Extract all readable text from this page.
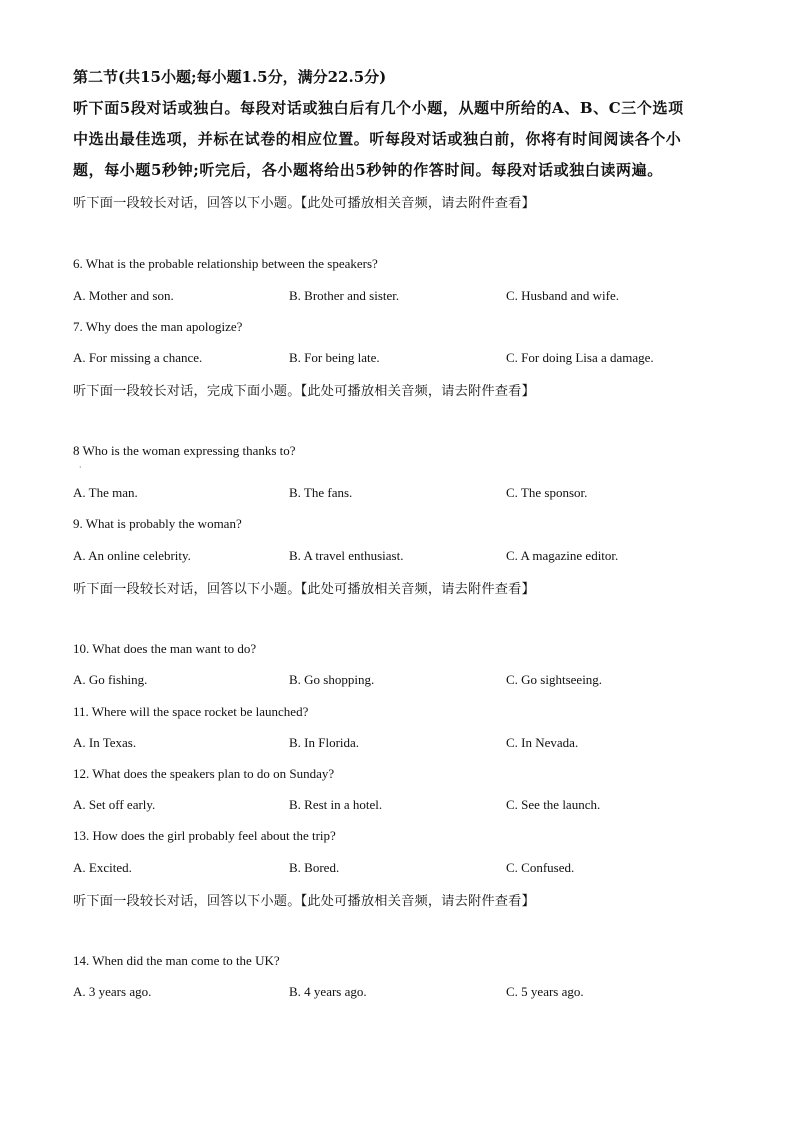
第二节(共15小题;每小题1.5分，满分22.5分)
听下面5段对话或独白。每段对话或独白后有几个小题，从题中所给的A、B、C三个选项
中选出最佳选项，并标在试卷的相应位置。听每段对话或独白前，你将有时间阅读各个小
题，每小题5秒钟;听完后，各小题将给出5秒钟的作答时间。每段对话或独白读两遍。
听下面一段较长对话，回答以下小题。【此处可播放相关音频，请去附件查看】
6. What is the probable relationship between the speakers?
A. Mother and son.	B. Brother and sister.	C. Husband and wife.
7. Why does the man apologize?
A. For missing a chance.	B. For being late.	C. For doing Lisa a damage.
听下面一段较长对话，完成下面小题。【此处可播放相关音频，请去附件查看】
8 Who is the woman expressing thanks to?
·
A. The man.	B. The fans.	C. The sponsor.
9. What is probably the woman?
A. An online celebrity.	B. A travel enthusiast.	C. A magazine editor.
听下面一段较长对话，回答以下小题。【此处可播放相关音频，请去附件查看】
10. What does the man want to do?
A. Go fishing.	B. Go shopping.	C. Go sightseeing.
11. Where will the space rocket be launched?
A. In Texas.	B. In Florida.	C. In Nevada.
12. What does the speakers plan to do on Sunday?
A. Set off early.	B. Rest in a hotel.	C. See the launch.
13. How does the girl probably feel about the trip?
A. Excited.	B. Bored.	C. Confused.
听下面一段较长对话，回答以下小题。【此处可播放相关音频，请去附件查看】
14. When did the man come to the UK?
A. 3 years ago.	B. 4 years ago.	C. 5 years ago.
